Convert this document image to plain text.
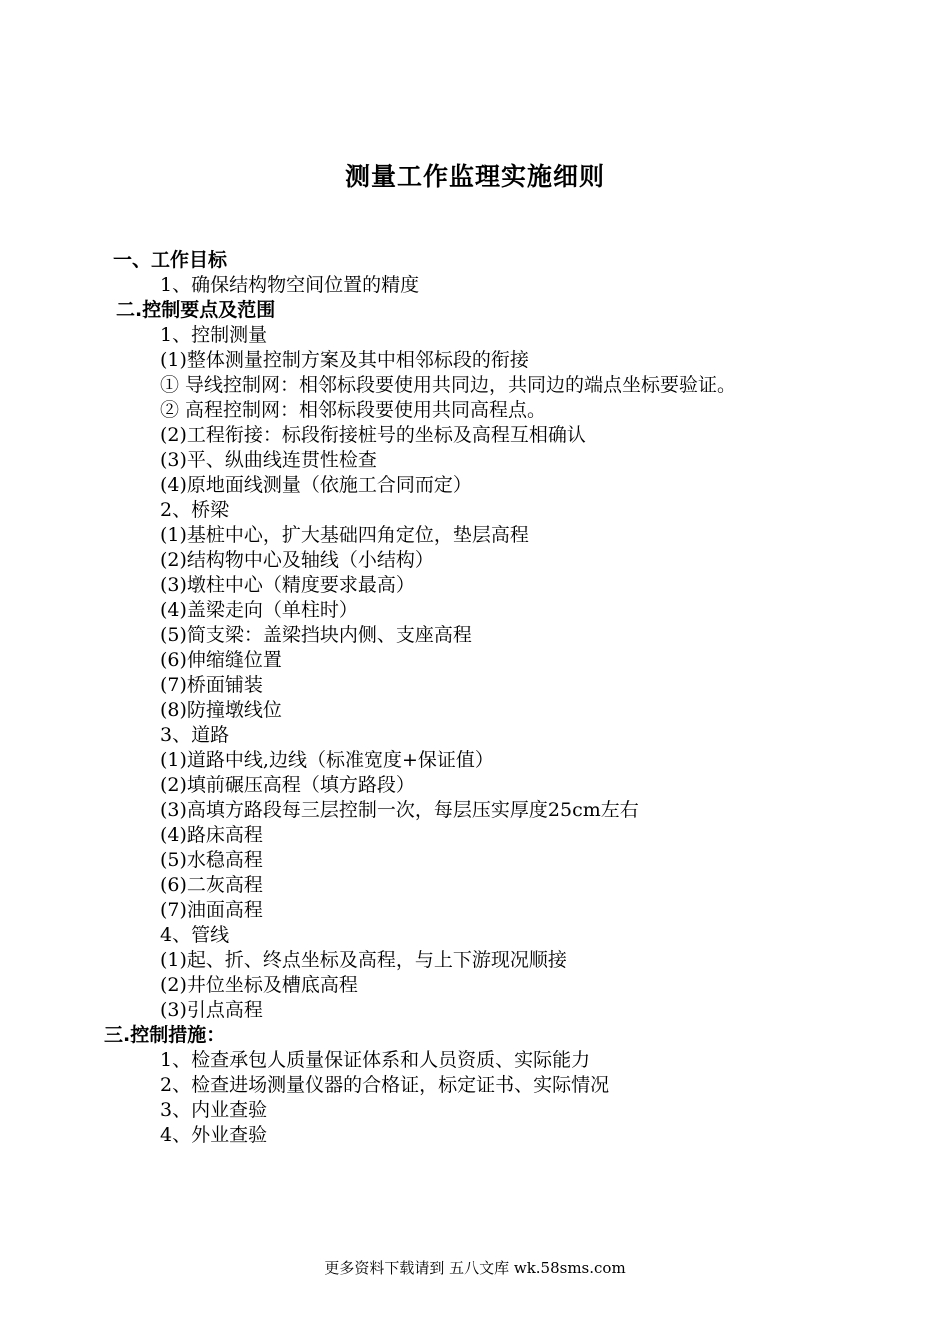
测量工作监理实施细则
一、工作目标
1、确保结构物空间位置的精度
二.控制要点及范围
1、控制测量
(1)整体测量控制方案及其中相邻标段的衔接
① 导线控制网：相邻标段要使用共同边，共同边的端点坐标要验证。
② 高程控制网：相邻标段要使用共同高程点。
(2)工程衔接：标段衔接桩号的坐标及高程互相确认
(3)平、纵曲线连贯性检查
(4)原地面线测量（依施工合同而定）
2、桥梁
(1)基桩中心，扩大基础四角定位，垫层高程
(2)结构物中心及轴线（小结构）
(3)墩柱中心（精度要求最高）
(4)盖梁走向（单柱时）
(5)简支梁：盖梁挡块内侧、支座高程
(6)伸缩缝位置
(7)桥面铺装
(8)防撞墩线位
3、道路
(1)道路中线,边线（标准宽度+保证值）
(2)填前碾压高程（填方路段）
(3)高填方路段每三层控制一次，每层压实厚度25cm左右
(4)路床高程
(5)水稳高程
(6)二灰高程
(7)油面高程
4、管线
(1)起、折、终点坐标及高程，与上下游现况顺接
(2)井位坐标及槽底高程
(3)引点高程
三.控制措施：
1、检查承包人质量保证体系和人员资质、实际能力
2、检查进场测量仪器的合格证，标定证书、实际情况
3、内业查验
4、外业查验
更多资料下载请到 五八文库 wk.58sms.com
